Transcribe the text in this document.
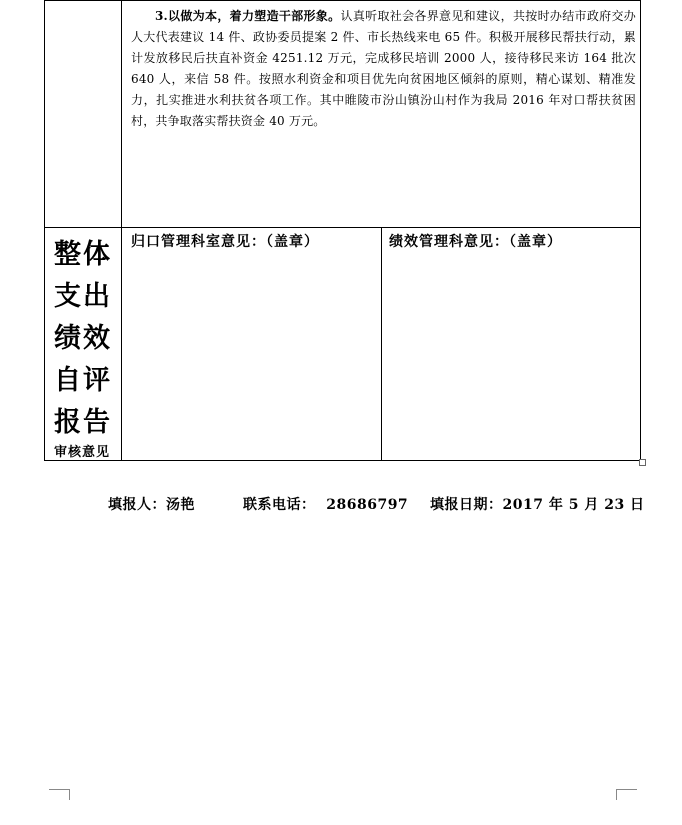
3.以做为本，着力塑造干部形象。认真听取社会各界意见和建议，共按时办结市政府交办人大代表建议 14 件、政协委员提案 2 件、市长热线来电 65 件。积极开展移民帮扶行动，累计发放移民后扶直补资金 4251.12 万元，完成移民培训 2000 人，接待移民来访 164 批次 640 人，来信 58 件。按照水利资金和项目优先向贫困地区倾斜的原则，精心谋划、精准发力，扎实推进水利扶贫各项工作。其中睢陵市汾山镇汾山村作为我局 2016 年对口帮扶贫困村，共争取落实帮扶资金 40 万元。

整体
支出
绩效
自评
报告
审核意见
归口管理科室意见：（盖章）	绩效管理科意见：（盖章）
填报人：汤艳	联系电话：  28686797 填报日期：2017 年 5 月 23 日
